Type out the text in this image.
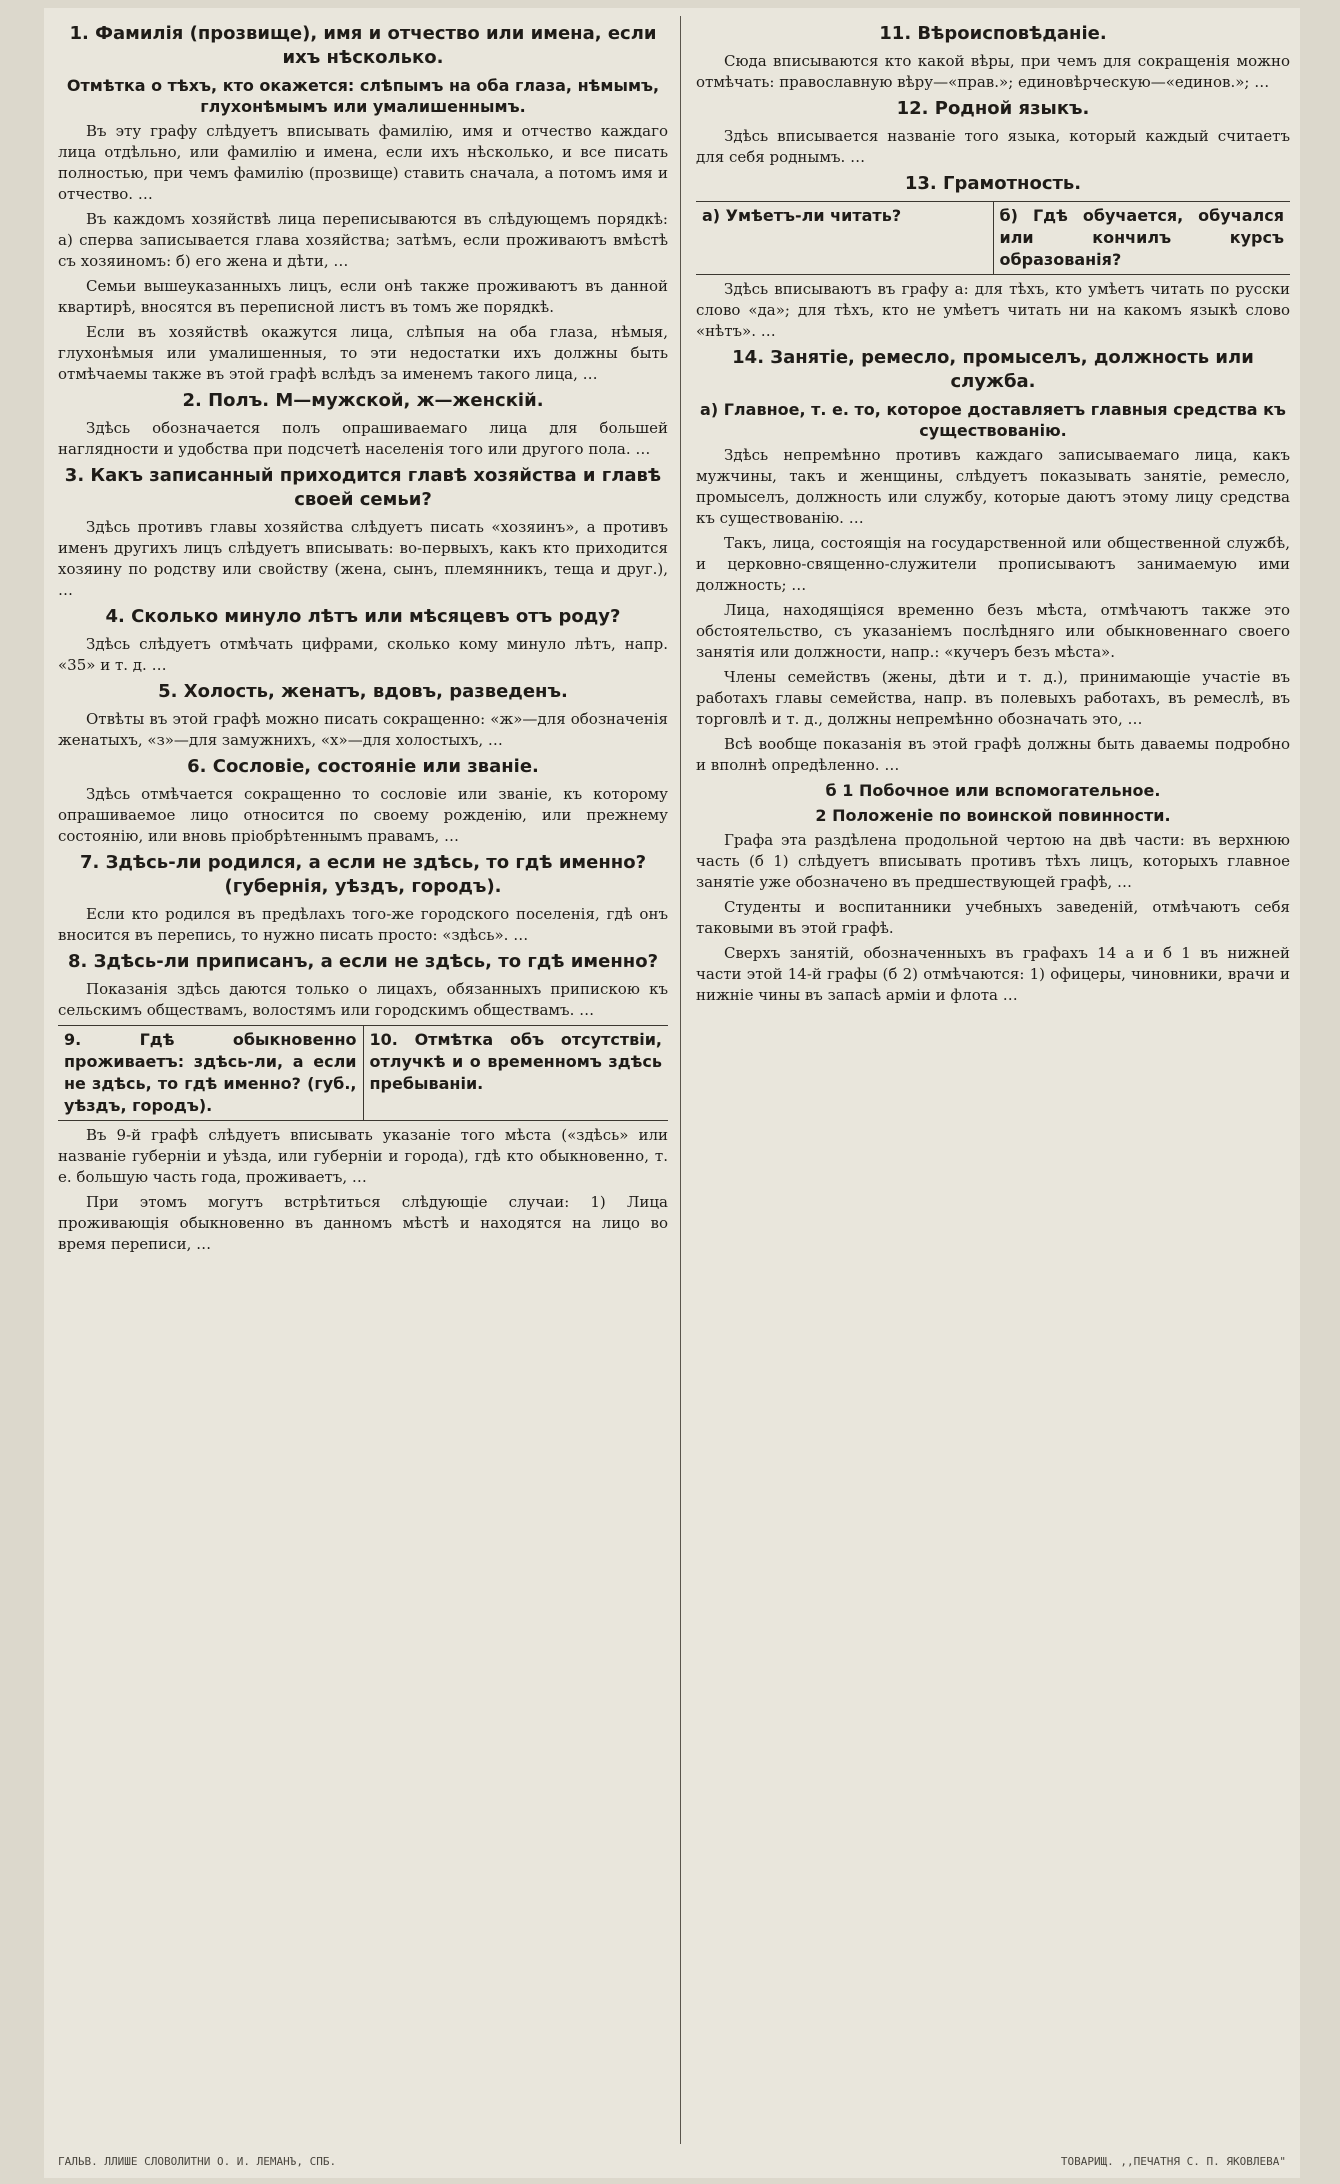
1. Фамилія (прозвище), имя и отчество или имена, если ихъ нѣсколько.

Отмѣтка о тѣхъ, кто окажется: слѣпымъ на оба глаза, нѣмымъ, глухонѣмымъ или умалишеннымъ.

Въ эту графу слѣдуетъ вписывать фамилію, имя и отчество каждаго лица отдѣльно, или фамилію и имена, если ихъ нѣсколько, и все писать полностью, при чемъ фамилію (прозвище) ставить сначала, а потомъ имя и отчество. …

Въ каждомъ хозяйствѣ лица переписываются въ слѣдующемъ порядкѣ: а) сперва записывается глава хозяйства; затѣмъ, если проживаютъ вмѣстѣ съ хозяиномъ: б) его жена и дѣти, …

Семьи вышеуказанныхъ лицъ, если онѣ также проживаютъ въ данной квартирѣ, вносятся въ переписной листъ въ томъ же порядкѣ.

Если въ хозяйствѣ окажутся лица, слѣпыя на оба глаза, нѣмыя, глухонѣмыя или умалишенныя, то эти недостатки ихъ должны быть отмѣчаемы также въ этой графѣ вслѣдъ за именемъ такого лица, …

2. Полъ. М—мужской, ж—женскій.

Здѣсь обозначается полъ опрашиваемаго лица для большей наглядности и удобства при подсчетѣ населенія того или другого пола. …

3. Какъ записанный приходится главѣ хозяйства и главѣ своей семьи?

Здѣсь противъ главы хозяйства слѣдуетъ писать «хозяинъ», а противъ именъ другихъ лицъ слѣдуетъ вписывать: во-первыхъ, какъ кто приходится хозяину по родству или свойству (жена, сынъ, племянникъ, теща и друг.), …

4. Сколько минуло лѣтъ или мѣсяцевъ отъ роду?

Здѣсь слѣдуетъ отмѣчать цифрами, сколько кому минуло лѣтъ, напр. «35» и т. д. …

5. Холость, женатъ, вдовъ, разведенъ.

Отвѣты въ этой графѣ можно писать сокращенно: «ж»—для обозначенія женатыхъ, «з»—для замужнихъ, «х»—для холостыхъ, …

6. Сословіе, состояніе или званіе.

Здѣсь отмѣчается сокращенно то сословіе или званіе, къ которому опрашиваемое лицо относится по своему рожденію, или прежнему состоянію, или вновь пріобрѣтеннымъ правамъ, …

7. Здѣсь-ли родился, а если не здѣсь, то гдѣ именно? (губернія, уѣздъ, городъ).

Если кто родился въ предѣлахъ того-же городского поселенія, гдѣ онъ вносится въ перепись, то нужно писать просто: «здѣсь». …

8. Здѣсь-ли приписанъ, а если не здѣсь, то гдѣ именно?

Показанія здѣсь даются только о лицахъ, обязанныхъ припискою къ сельскимъ обществамъ, волостямъ или городскимъ обществамъ. …

9. Гдѣ обыкновенно проживаетъ: здѣсь-ли, а если не здѣсь, то гдѣ именно? (губ., уѣздъ, городъ).
10. Отмѣтка объ отсутствіи, отлучкѣ и о временномъ здѣсь пребываніи.

Въ 9-й графѣ слѣдуетъ вписывать указаніе того мѣста («здѣсь» или названіе губерніи и уѣзда, или губерніи и города), гдѣ кто обыкновенно, т. е. большую часть года, проживаетъ, …

При этомъ могутъ встрѣтиться слѣдующіе случаи: 1) Лица проживающія обыкновенно въ данномъ мѣстѣ и находятся на лицо во время переписи, …

11. Вѣроисповѣданіе.

Сюда вписываются кто какой вѣры, при чемъ для сокращенія можно отмѣчать: православную вѣру—«прав.»; единовѣрческую—«единов.»; …

12. Родной языкъ.

Здѣсь вписывается названіе того языка, который каждый считаетъ для себя роднымъ. …

13. Грамотность.
а) Умѣетъ-ли читать?	б) Гдѣ обучается, обучался или кончилъ курсъ образованія?

Здѣсь вписываютъ въ графу а: для тѣхъ, кто умѣетъ читать по русски слово «да»; для тѣхъ, кто не умѣетъ читать ни на какомъ языкѣ слово «нѣтъ». …

14. Занятіе, ремесло, промыселъ, должность или служба.

а) Главное, т. е. то, которое доставляетъ главныя средства къ существованію.

Здѣсь непремѣнно противъ каждаго записываемаго лица, какъ мужчины, такъ и женщины, слѣдуетъ показывать занятіе, ремесло, промыселъ, должность или службу, которые даютъ этому лицу средства къ существованію. …

Такъ, лица, состоящія на государственной или общественной службѣ, и церковно-священно-служители прописываютъ занимаемую ими должность; …

Лица, находящіяся временно безъ мѣста, отмѣчаютъ также это обстоятельство, съ указаніемъ послѣдняго или обыкновеннаго своего занятія или должности, напр.: «кучеръ безъ мѣста».

Члены семействъ (жены, дѣти и т. д.), принимающіе участіе въ работахъ главы семейства, напр. въ полевыхъ работахъ, въ ремеслѣ, въ торговлѣ и т. д., должны непремѣнно обозначать это, …

Всѣ вообще показанія въ этой графѣ должны быть даваемы подробно и вполнѣ опредѣленно. …

б 1 Побочное или вспомогательное.

2 Положеніе по воинской повинности.

Графа эта раздѣлена продольной чертою на двѣ части: въ верхнюю часть (б 1) слѣдуетъ вписывать противъ тѣхъ лицъ, которыхъ главное занятіе уже обозначено въ предшествующей графѣ, …

Студенты и воспитанники учебныхъ заведеній, отмѣчаютъ себя таковыми въ этой графѣ.

Сверхъ занятій, обозначенныхъ въ графахъ 14 а и б 1 въ нижней части этой 14-й графы (б 2) отмѣчаются: 1) офицеры, чиновники, врачи и нижніе чины въ запасѣ арміи и флота …

ГАЛЬВ. ЛЛИШЕ СЛОВОЛИТНИ О. И. ЛЕМАНЪ, СПБ.	ТОВАРИЩ. ,,ПЕЧАТНЯ С. П. ЯКОВЛЕВА"
